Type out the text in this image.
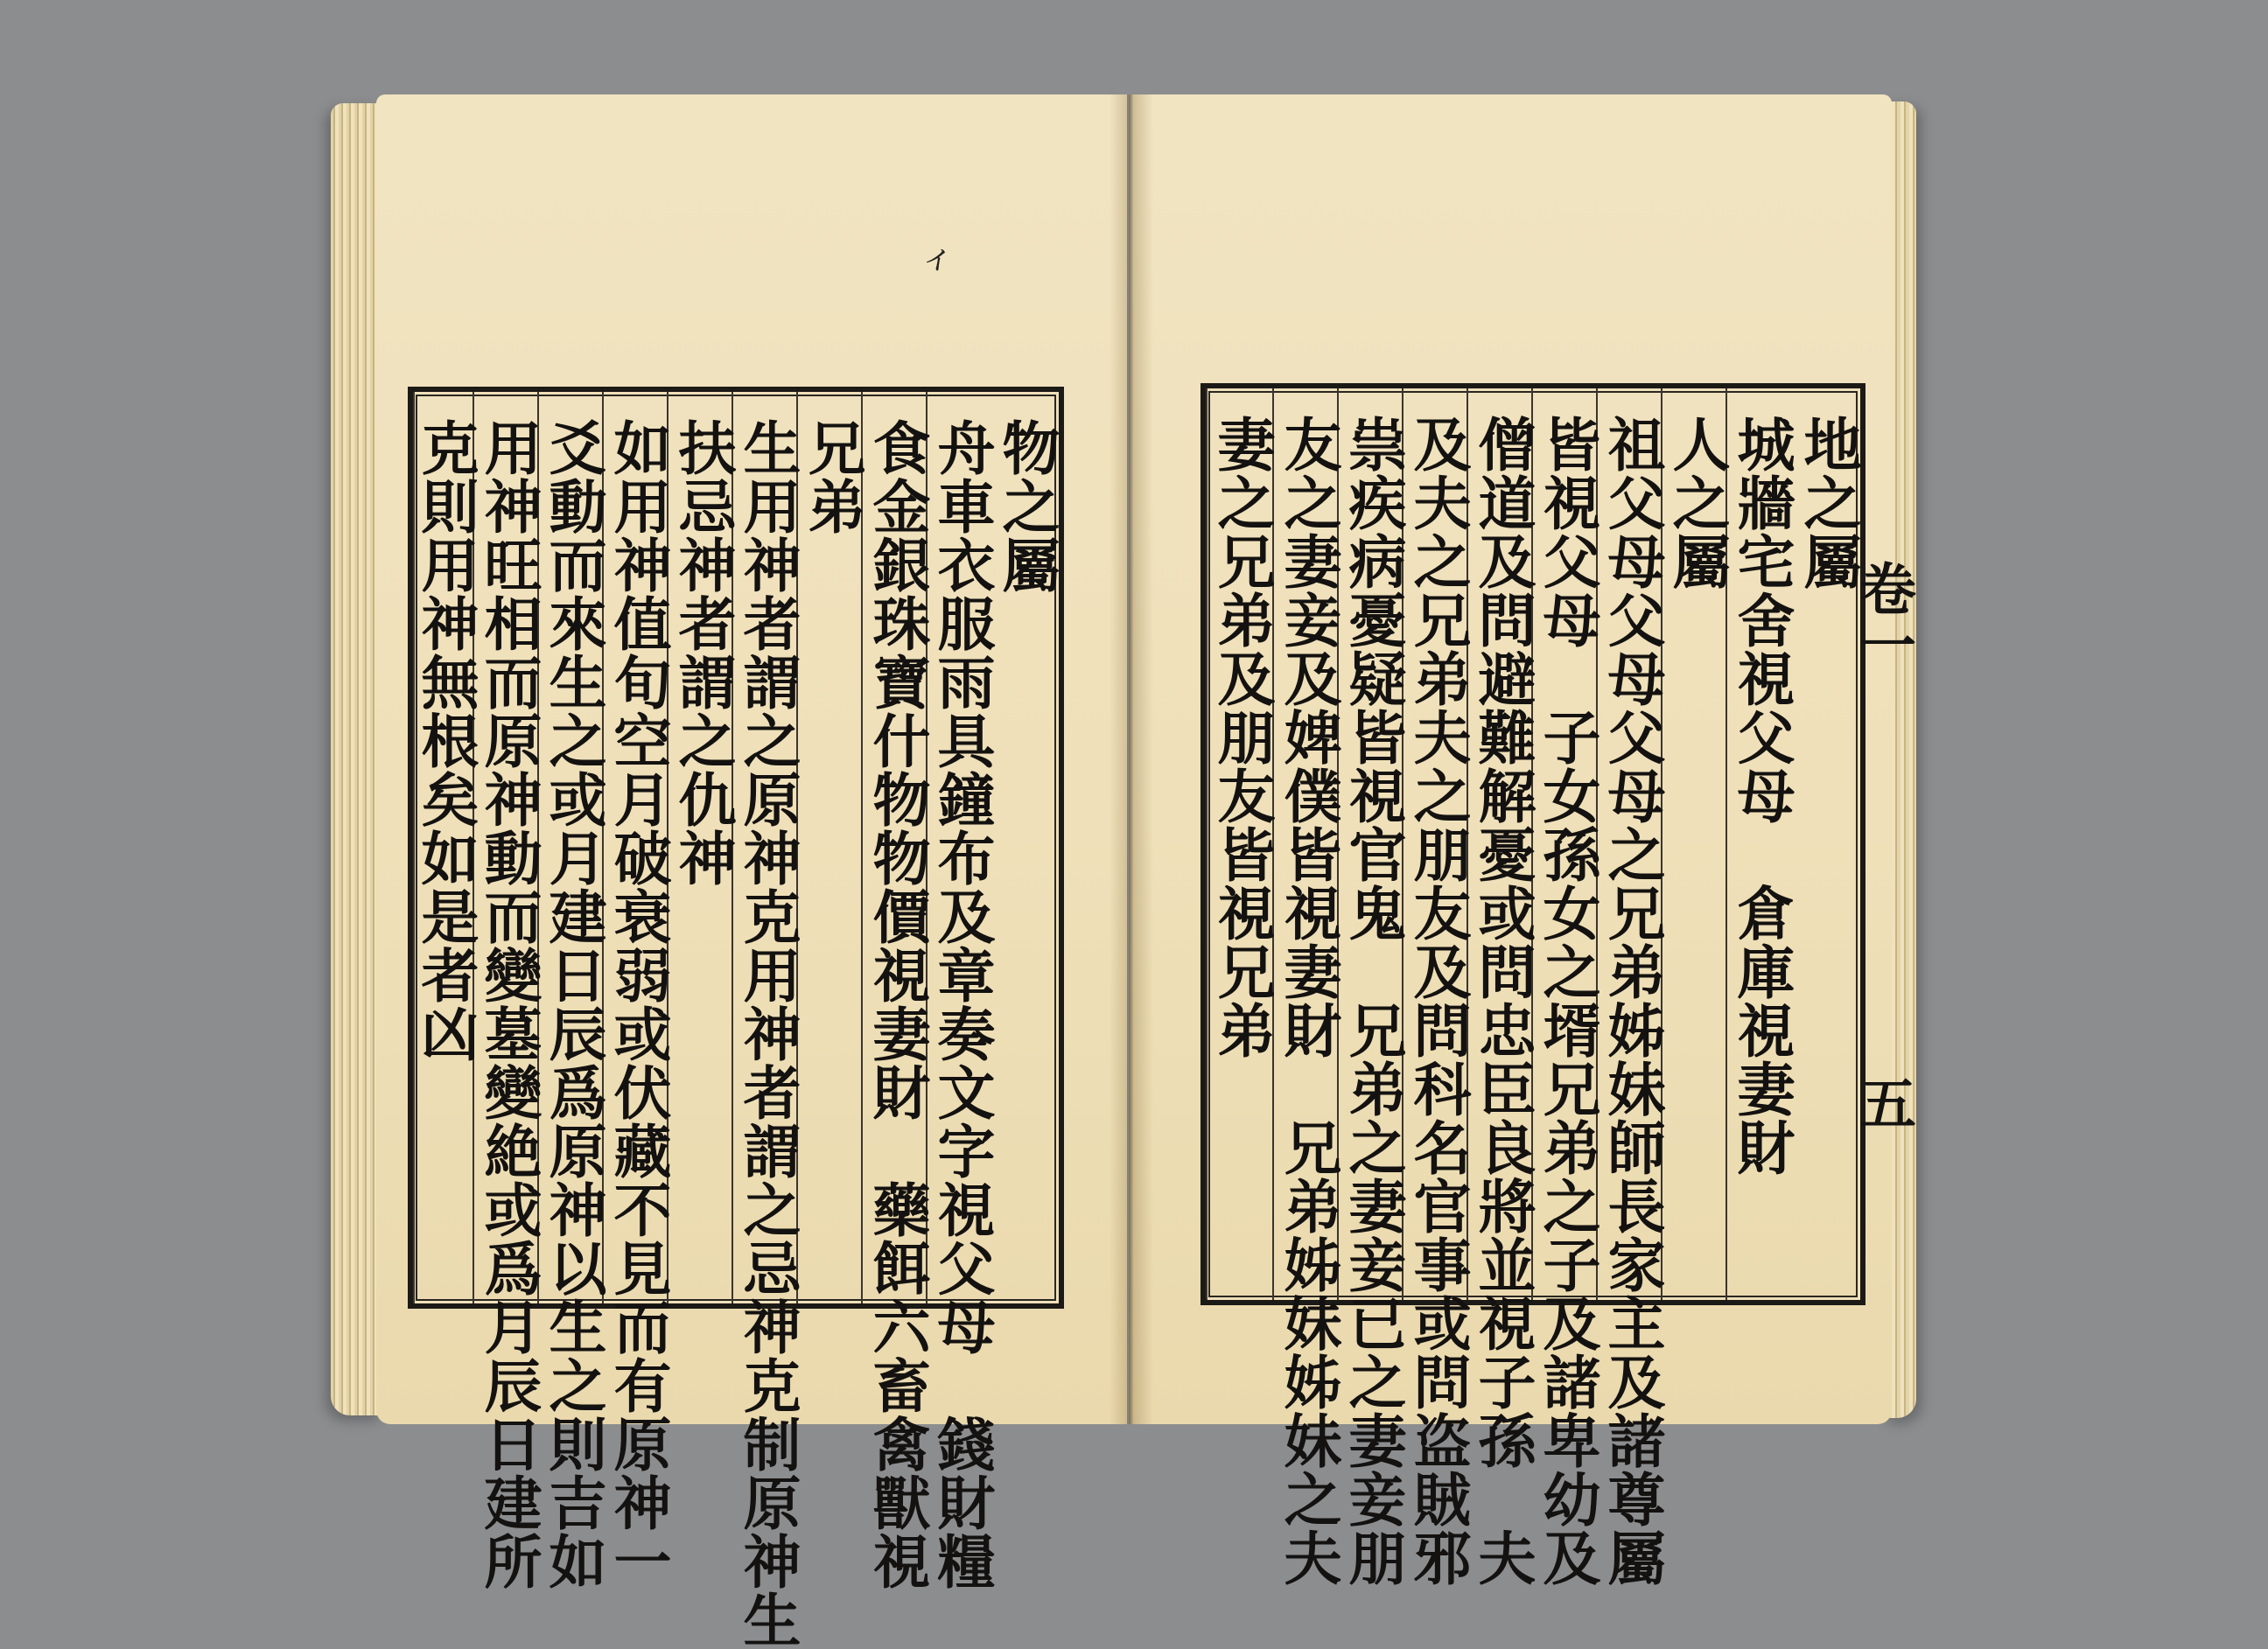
ィ
物之屬
舟車衣服雨具鐘布及章奏文字視父母　錢財糧
食金銀珠寶什物物價視妻財　藥餌六畜禽獸視
兄弟
生用神者謂之原神克用神者謂之忌神克制原神生
扶忌神者謂之仇神
如用神值旬空月破衰弱或伏藏不見而有原神一
爻動而來生之或月建日辰爲原神以生之則吉如
用神旺相而原神動而變墓變絶或爲月辰日建所
克則用神無根矣如是者凶	地之屬
城牆宅舍視父母　倉庫視妻財
人之屬
祖父母父母父母之兄弟姊妹師長家主及諸尊屬
皆視父母　子女孫女之壻兄弟之子及諸卑幼及
僧道及問避難解憂或問忠臣良將並視子孫　夫
及夫之兄弟夫之朋友及問科名官事或問盗賊邪
祟疾病憂疑皆視官鬼　兄弟之妻妾已之妻妾朋
友之妻妾及婢僕皆視妻財　兄弟姊妹姊妹之夫
妻之兄弟及朋友皆視兄弟	卷一
五
